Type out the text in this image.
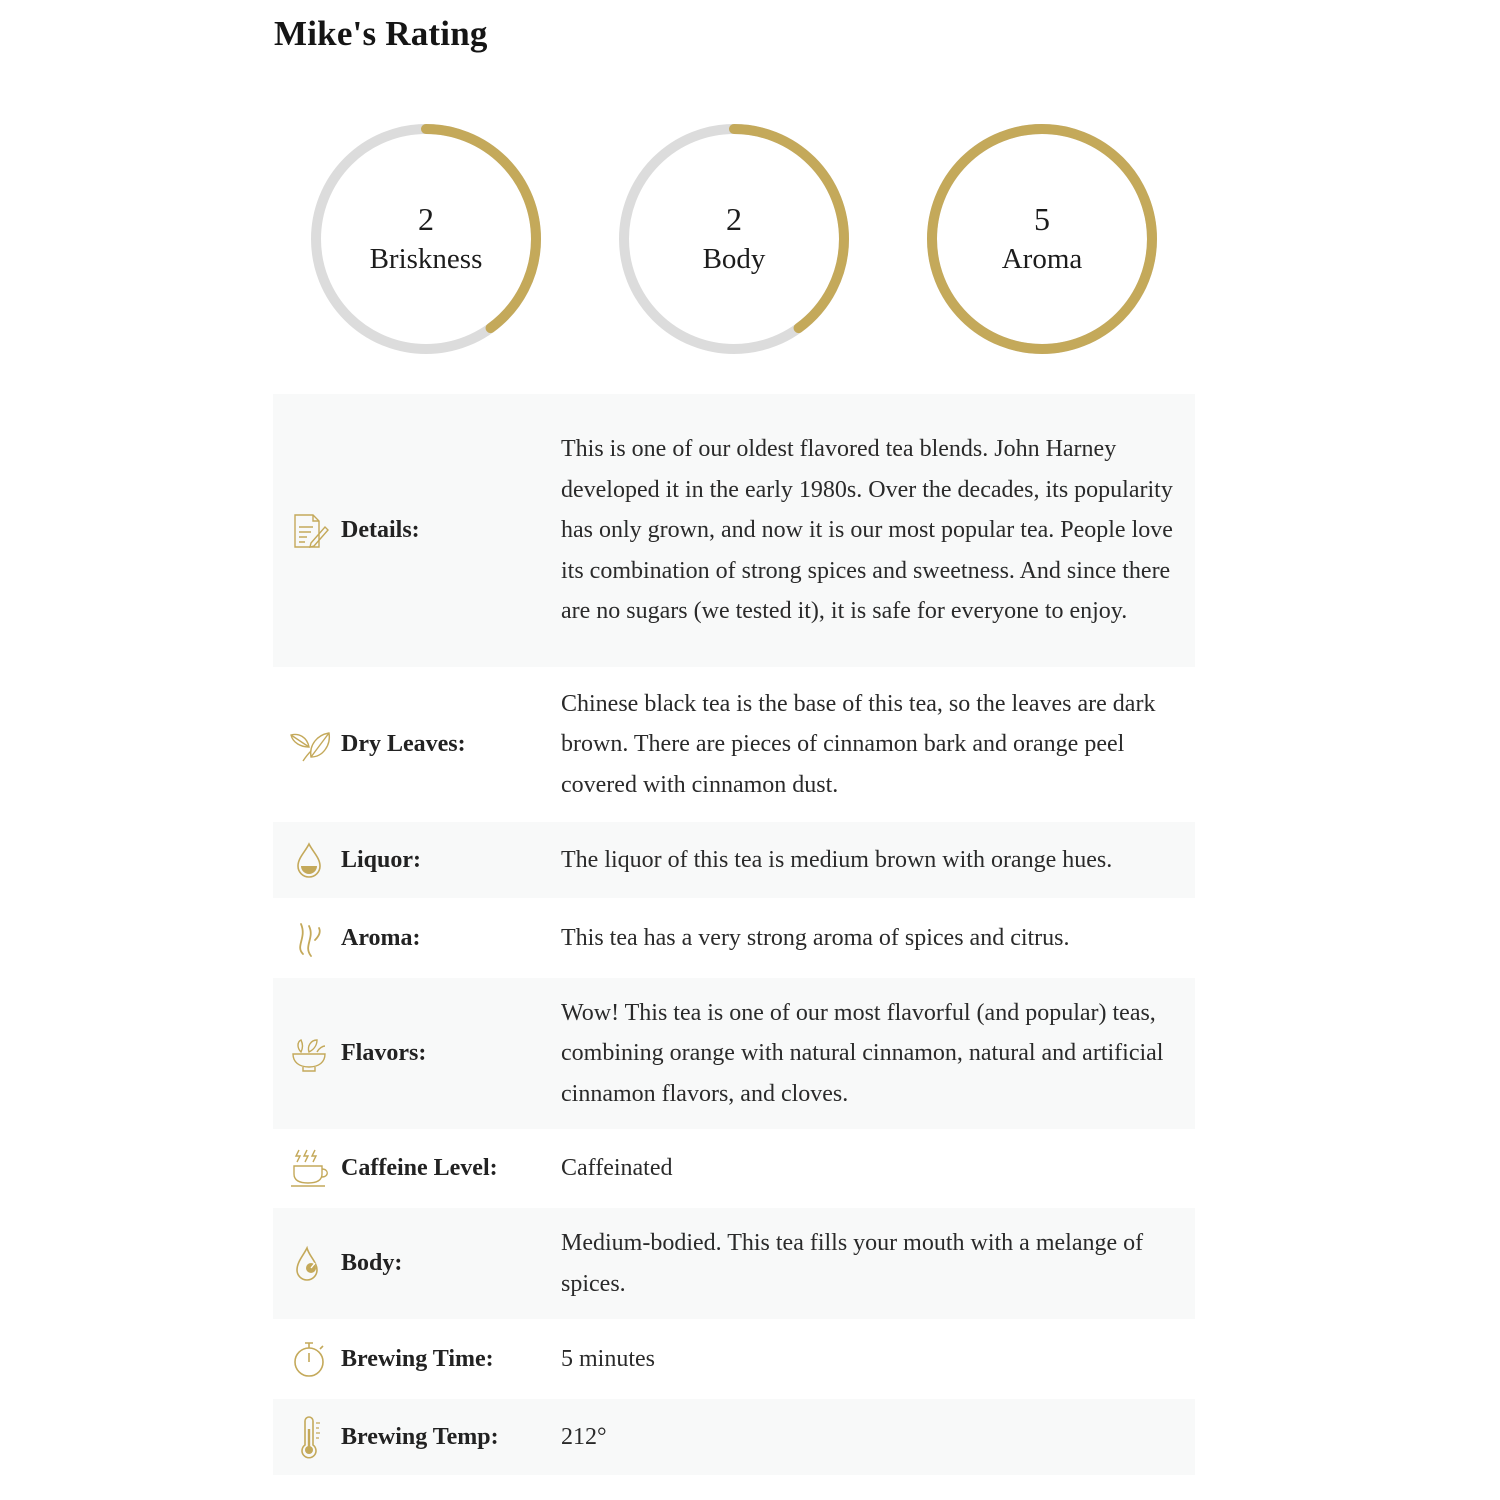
Mike's Rating
2
Briskness
2
Body
5
Aroma
Details:
This is one of our oldest flavored tea blends. John Harney developed it in the early 1980s. Over the decades, its popularity has only grown, and now it is our most popular tea. People love its combination of strong spices and sweetness. And since there are no sugars (we tested it), it is safe for everyone to enjoy.
Dry Leaves:
Chinese black tea is the base of this tea, so the leaves are dark brown. There are pieces of cinnamon bark and orange peel covered with cinnamon dust.
Liquor:	The liquor of this tea is medium brown with orange hues.
Aroma:	This tea has a very strong aroma of spices and citrus.
Flavors:
Wow! This tea is one of our most flavorful (and popular) teas, combining orange with natural cinnamon, natural and artificial cinnamon flavors, and cloves.
Caffeine Level:	Caffeinated
Body:
Medium-bodied. This tea fills your mouth with a melange of spices.
Brewing Time:	5 minutes
Brewing Temp:	212°
